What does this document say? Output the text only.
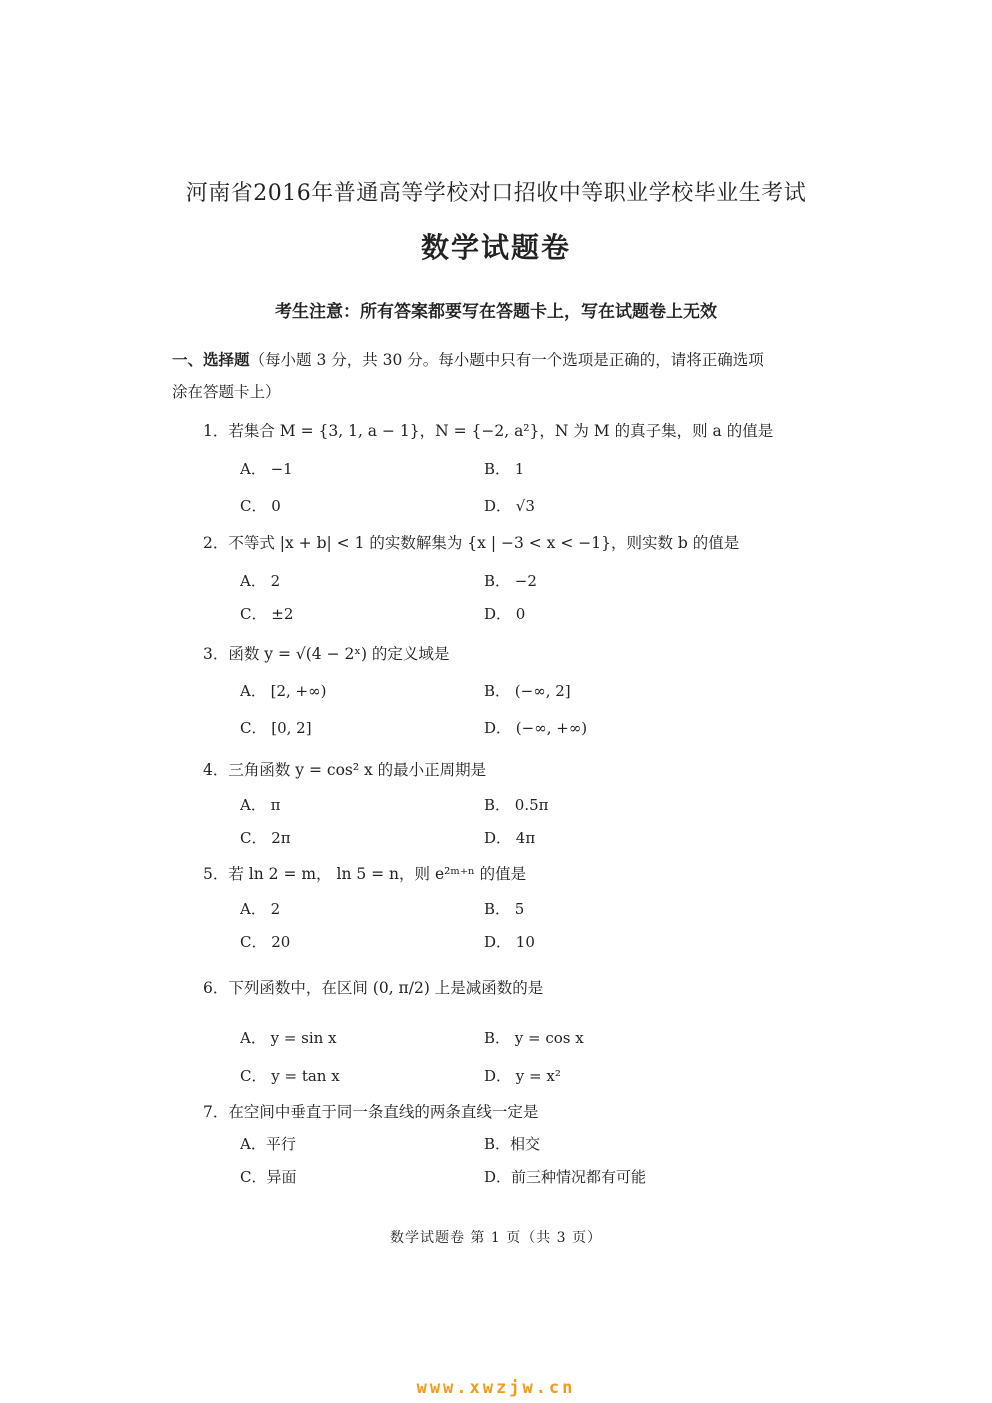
河南省2016年普通高等学校对口招收中等职业学校毕业生考试
数学试题卷
考生注意：所有答案都要写在答题卡上，写在试题卷上无效
一、选择题（每小题 3 分，共 30 分。每小题中只有一个选项是正确的，请将正确选项
涂在答题卡上）
1．若集合 M = {3, 1, a − 1}，N = {−2, a²}，N 为 M 的真子集，则 a 的值是
A． −1	B． 1
C． 0	D． √3
2．不等式 |x + b| < 1 的实数解集为 {x | −3 < x < −1}，则实数 b 的值是
A． 2	B． −2
C． ±2	D． 0
3．函数 y = √(4 − 2ˣ) 的定义域是
A． [2, +∞)	B． (−∞, 2]
C． [0, 2]	D． (−∞, +∞)
4．三角函数 y = cos² x 的最小正周期是
A． π	B． 0.5π
C． 2π	D． 4π
5．若 ln 2 = m， ln 5 = n，则 e²ᵐ⁺ⁿ 的值是
A． 2	B． 5
C． 20	D． 10
6．下列函数中，在区间 (0, π/2) 上是减函数的是
A． y = sin x	B． y = cos x
C． y = tan x	D． y = x²
7．在空间中垂直于同一条直线的两条直线一定是
A．平行	B．相交
C．异面	D．前三种情况都有可能
数学试题卷 第 1 页（共 3 页）
www.xwzjw.cn
